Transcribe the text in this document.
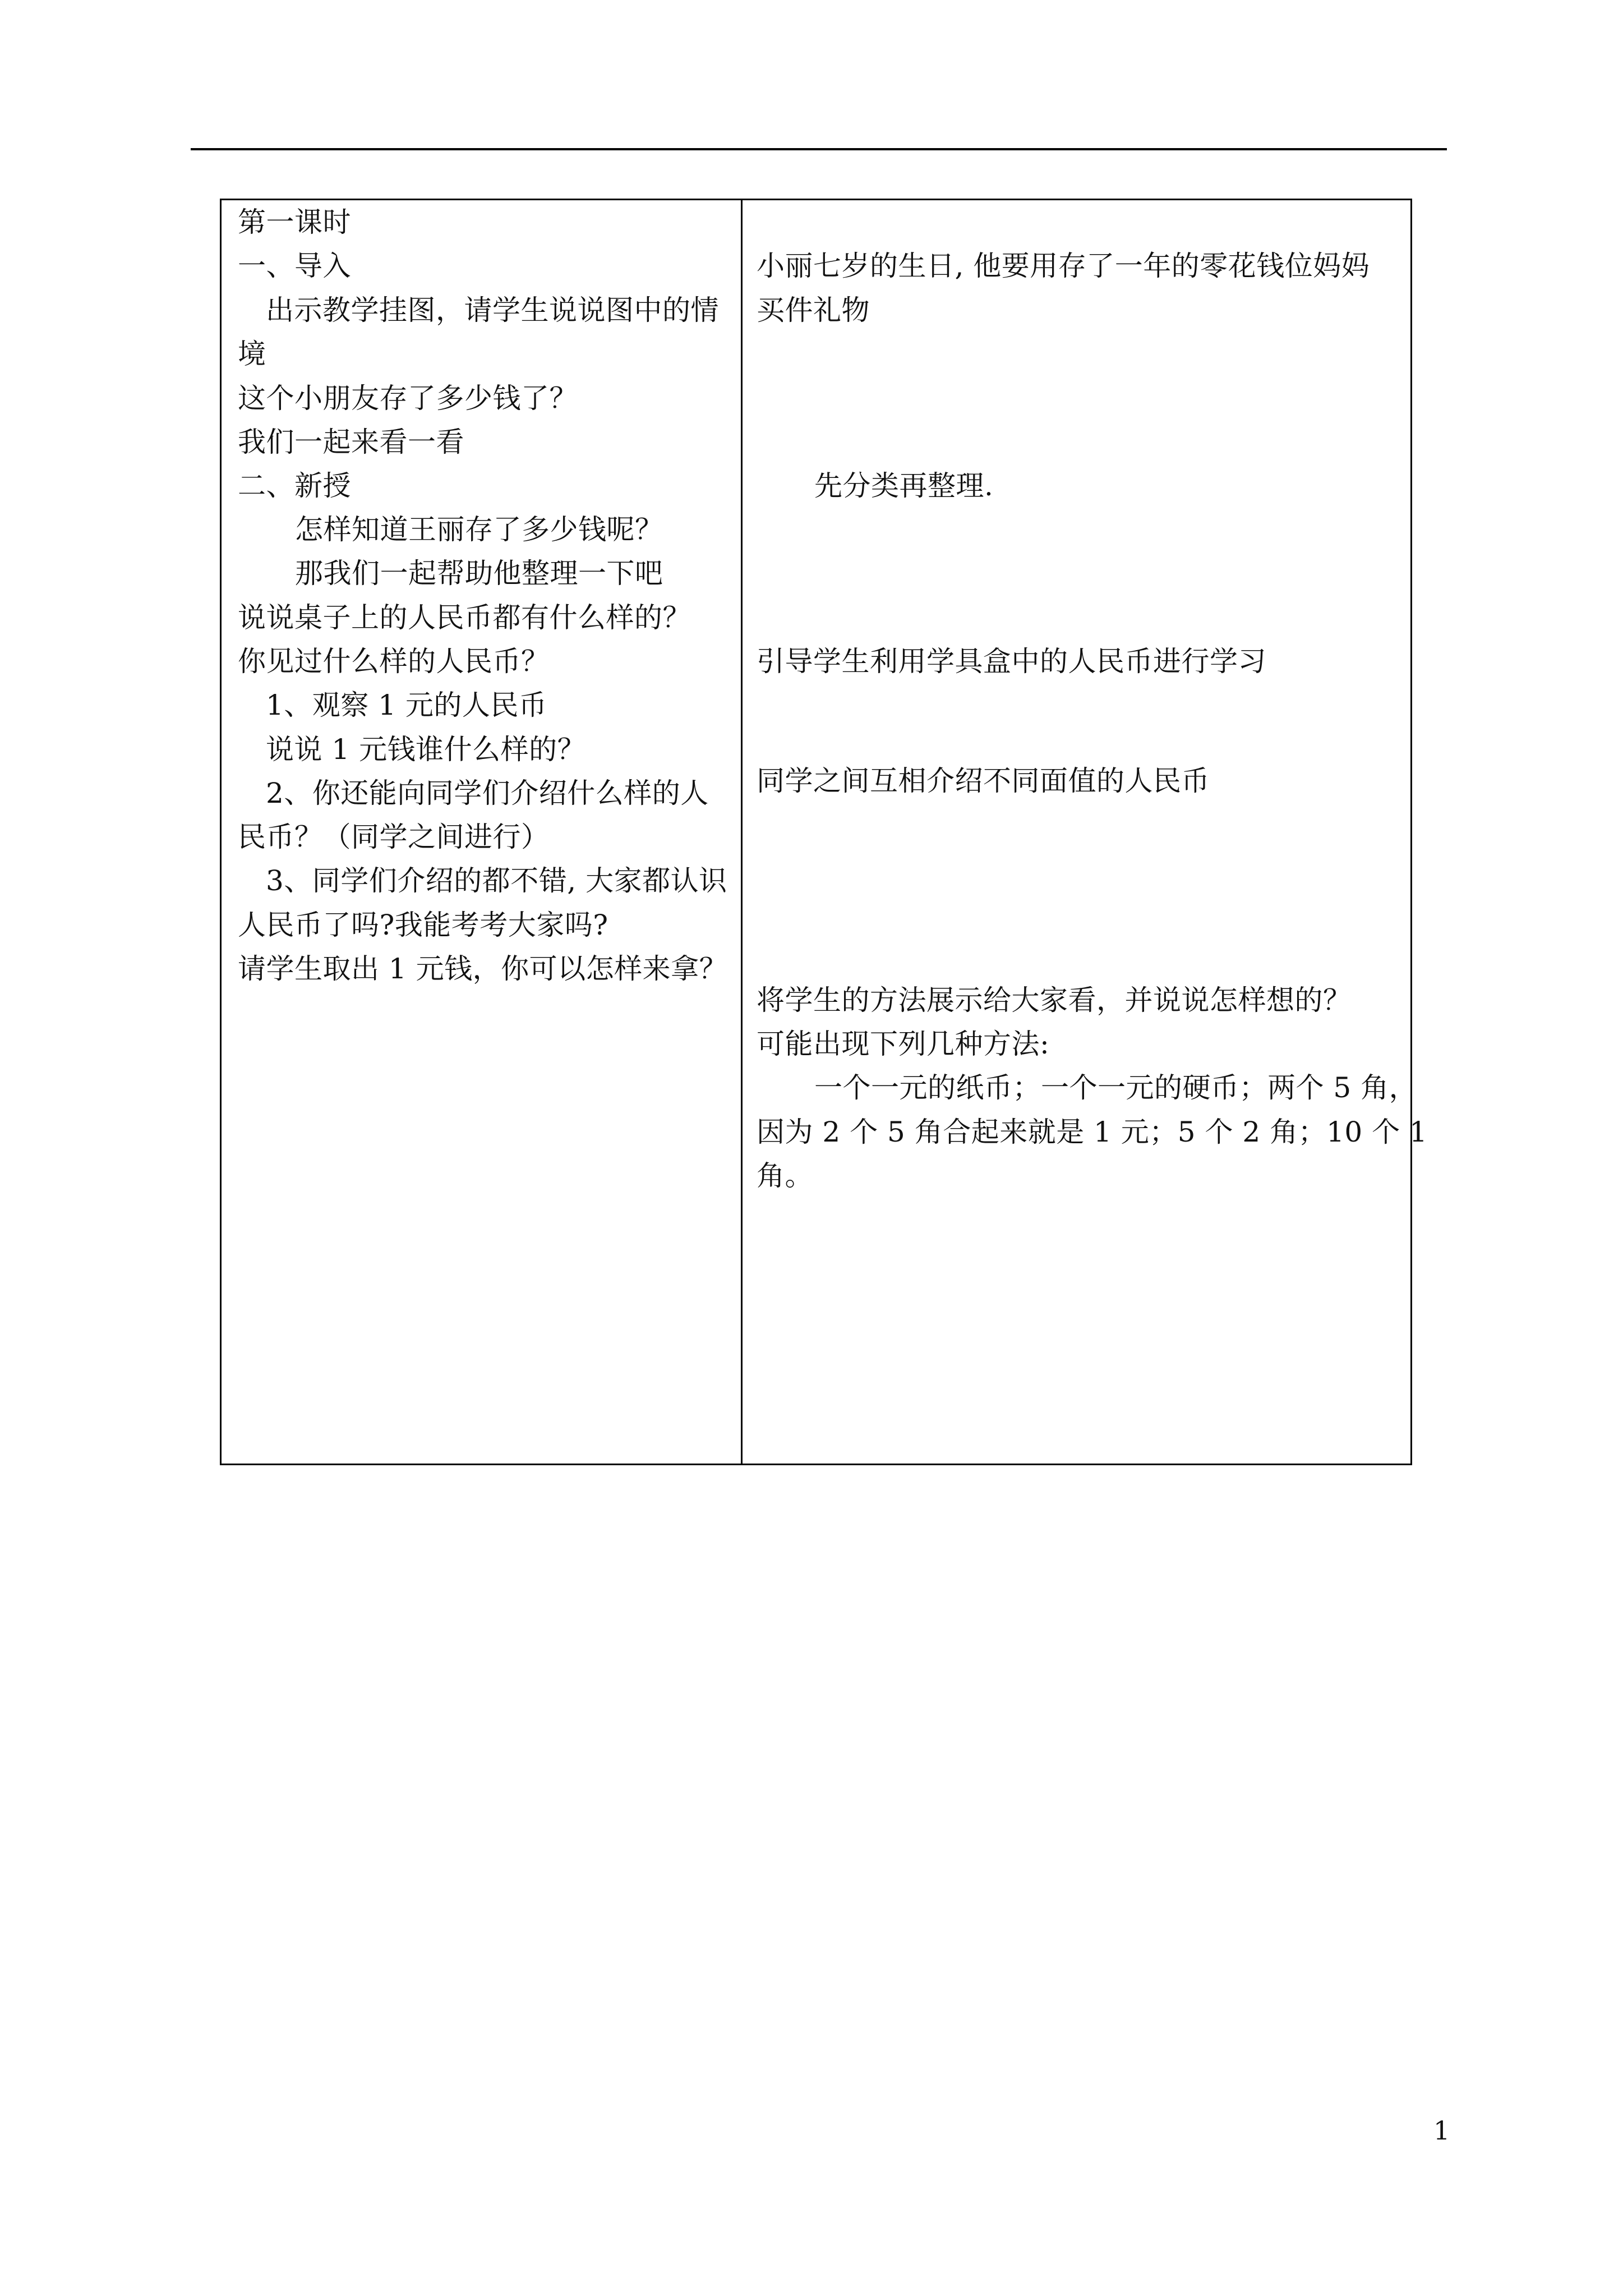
第一课时
一、导入
出示教学挂图，请学生说说图中的情
境
这个小朋友存了多少钱了？
我们一起来看一看
二、新授
怎样知道王丽存了多少钱呢？
那我们一起帮助他整理一下吧
说说桌子上的人民币都有什么样的？
你见过什么样的人民币？
1、观察 1 元的人民币
说说 1 元钱谁什么样的？
2、你还能向同学们介绍什么样的人
民币？（同学之间进行）
3、同学们介绍的都不错, 大家都认识
人民币了吗?我能考考大家吗?
请学生取出 1 元钱，你可以怎样来拿？
小丽七岁的生日, 他要用存了一年的零花钱位妈妈
买件礼物
先分类再整理.
引导学生利用学具盒中的人民币进行学习
同学之间互相介绍不同面值的人民币
将学生的方法展示给大家看，并说说怎样想的？
可能出现下列几种方法:
一个一元的纸币；一个一元的硬币；两个 5 角，
因为 2 个 5 角合起来就是 1 元；5 个 2 角；10 个 1
角。
1
